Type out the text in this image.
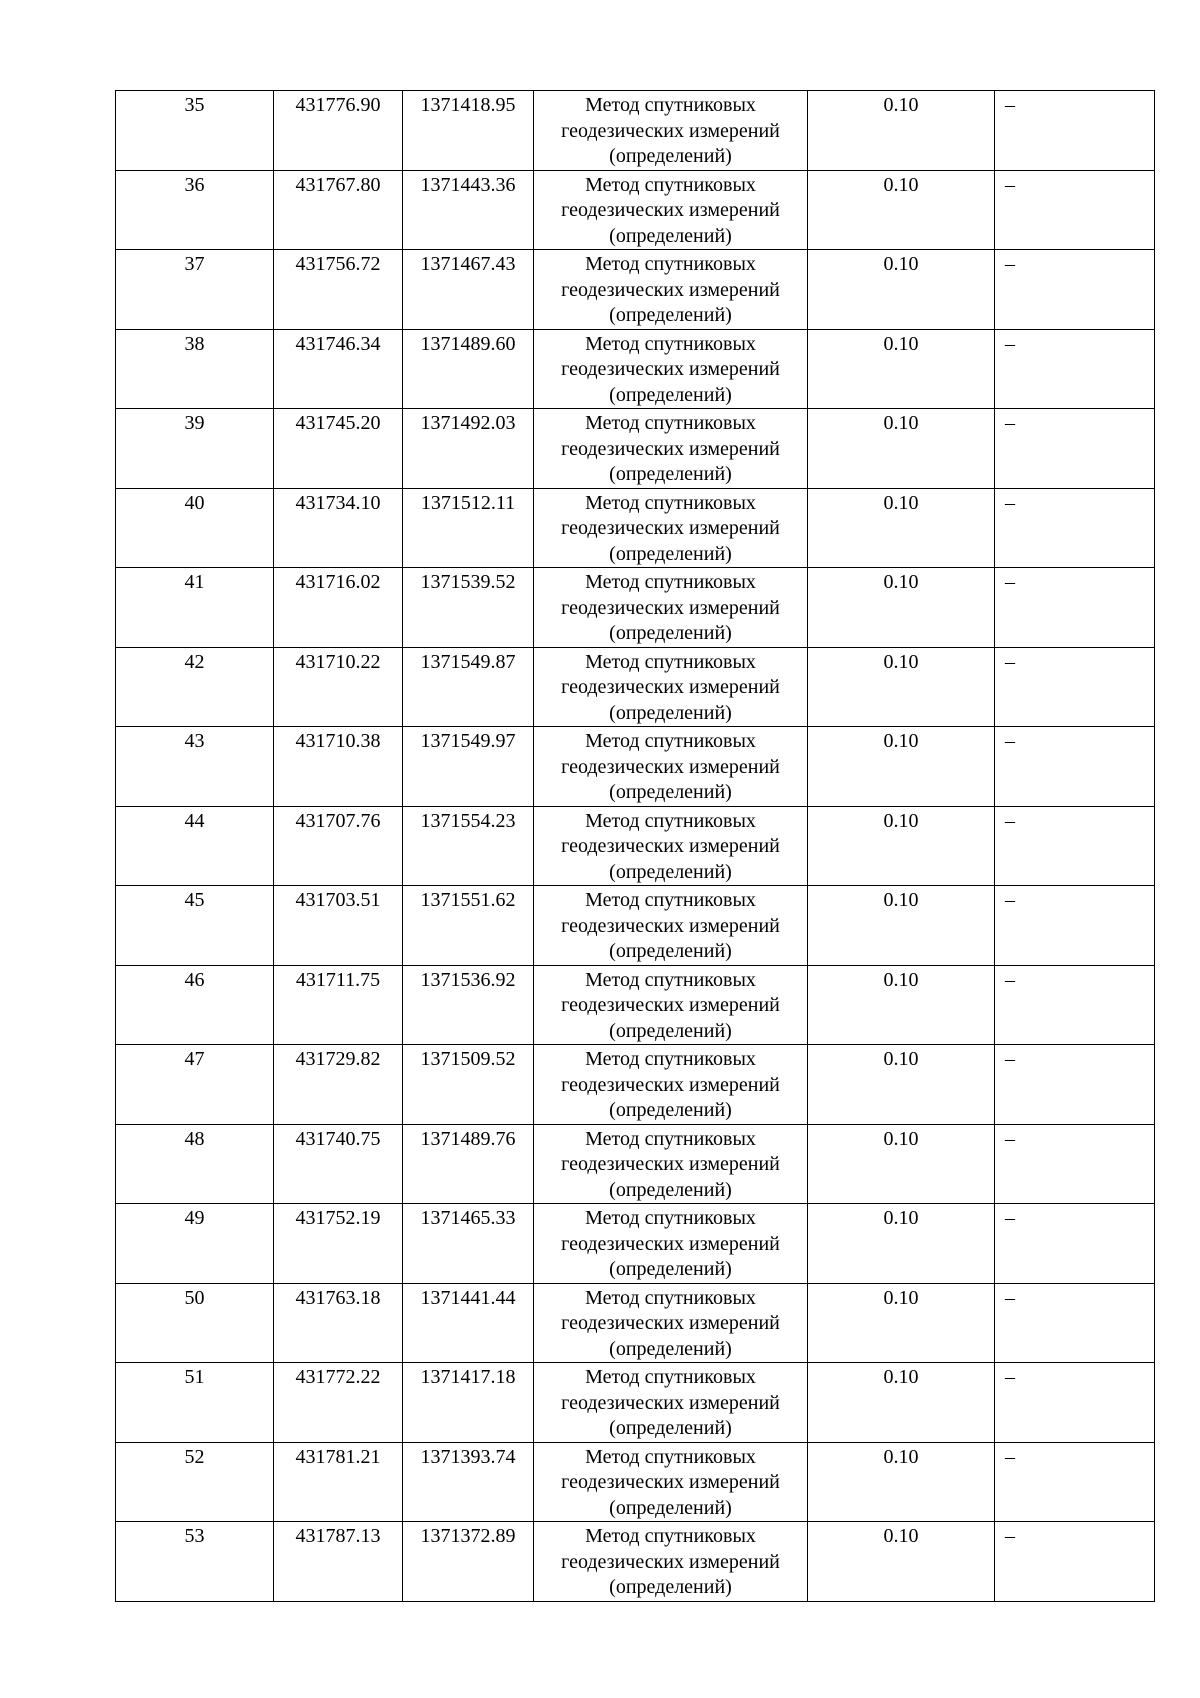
35	431776.90	1371418.95	Метод спутниковых геодезических измерений (определений)	0.10	–
36	431767.80	1371443.36	Метод спутниковых геодезических измерений (определений)	0.10	–
37	431756.72	1371467.43	Метод спутниковых геодезических измерений (определений)	0.10	–
38	431746.34	1371489.60	Метод спутниковых геодезических измерений (определений)	0.10	–
39	431745.20	1371492.03	Метод спутниковых геодезических измерений (определений)	0.10	–
40	431734.10	1371512.11	Метод спутниковых геодезических измерений (определений)	0.10	–
41	431716.02	1371539.52	Метод спутниковых геодезических измерений (определений)	0.10	–
42	431710.22	1371549.87	Метод спутниковых геодезических измерений (определений)	0.10	–
43	431710.38	1371549.97	Метод спутниковых геодезических измерений (определений)	0.10	–
44	431707.76	1371554.23	Метод спутниковых геодезических измерений (определений)	0.10	–
45	431703.51	1371551.62	Метод спутниковых геодезических измерений (определений)	0.10	–
46	431711.75	1371536.92	Метод спутниковых геодезических измерений (определений)	0.10	–
47	431729.82	1371509.52	Метод спутниковых геодезических измерений (определений)	0.10	–
48	431740.75	1371489.76	Метод спутниковых геодезических измерений (определений)	0.10	–
49	431752.19	1371465.33	Метод спутниковых геодезических измерений (определений)	0.10	–
50	431763.18	1371441.44	Метод спутниковых геодезических измерений (определений)	0.10	–
51	431772.22	1371417.18	Метод спутниковых геодезических измерений (определений)	0.10	–
52	431781.21	1371393.74	Метод спутниковых геодезических измерений (определений)	0.10	–
53	431787.13	1371372.89	Метод спутниковых геодезических измерений (определений)	0.10	–
